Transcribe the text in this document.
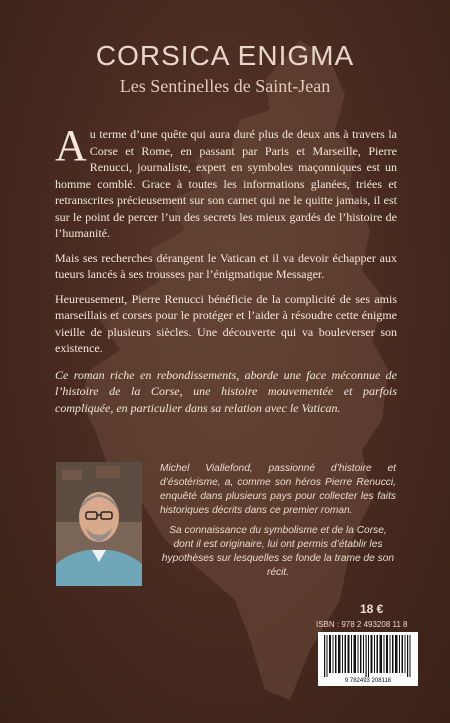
CORSICA ENIGMA
Les Sentinelles de Saint-Jean

Au terme d’une quête qui aura duré plus de deux ans à travers la Corse et Rome, en passant par Paris et Marseille, Pierre Renucci, journaliste, expert en symboles maçonniques est un homme comblé. Grace à toutes les informations glanées, triées et retranscrites précieusement sur son carnet qui ne le quitte jamais, il est sur le point de percer l’un des secrets les mieux gardés de l’histoire de l’humanité.

Mais ses recherches dérangent le Vatican et il va devoir échapper aux tueurs lancés à ses trousses par l’énigmatique Messager.

Heureusement, Pierre Renucci bénéficie de la complicité de ses amis marseillais et corses pour le protéger et l’aider à résoudre cette énigme vieille de plusieurs siècles. Une découverte qui va bouleverser son existence.

Ce roman riche en rebondissements, aborde une face méconnue de l’histoire de la Corse, une histoire mouvementée et parfois compliquée, en particulier dans sa relation avec le Vatican.

Michel Viallefond, passionné d’histoire et d’ésotérisme, a, comme son héros Pierre Renucci, enquêté dans plusieurs pays pour collecter les faits historiques décrits dans ce premier roman.

Sa connaissance du symbolisme et de la Corse, dont il est originaire, lui ont permis d’établir les hypothèses sur lesquelles se fonde la trame de son récit.

18 €
ISBN : 978 2 493208 11 8
9 782493 208118
